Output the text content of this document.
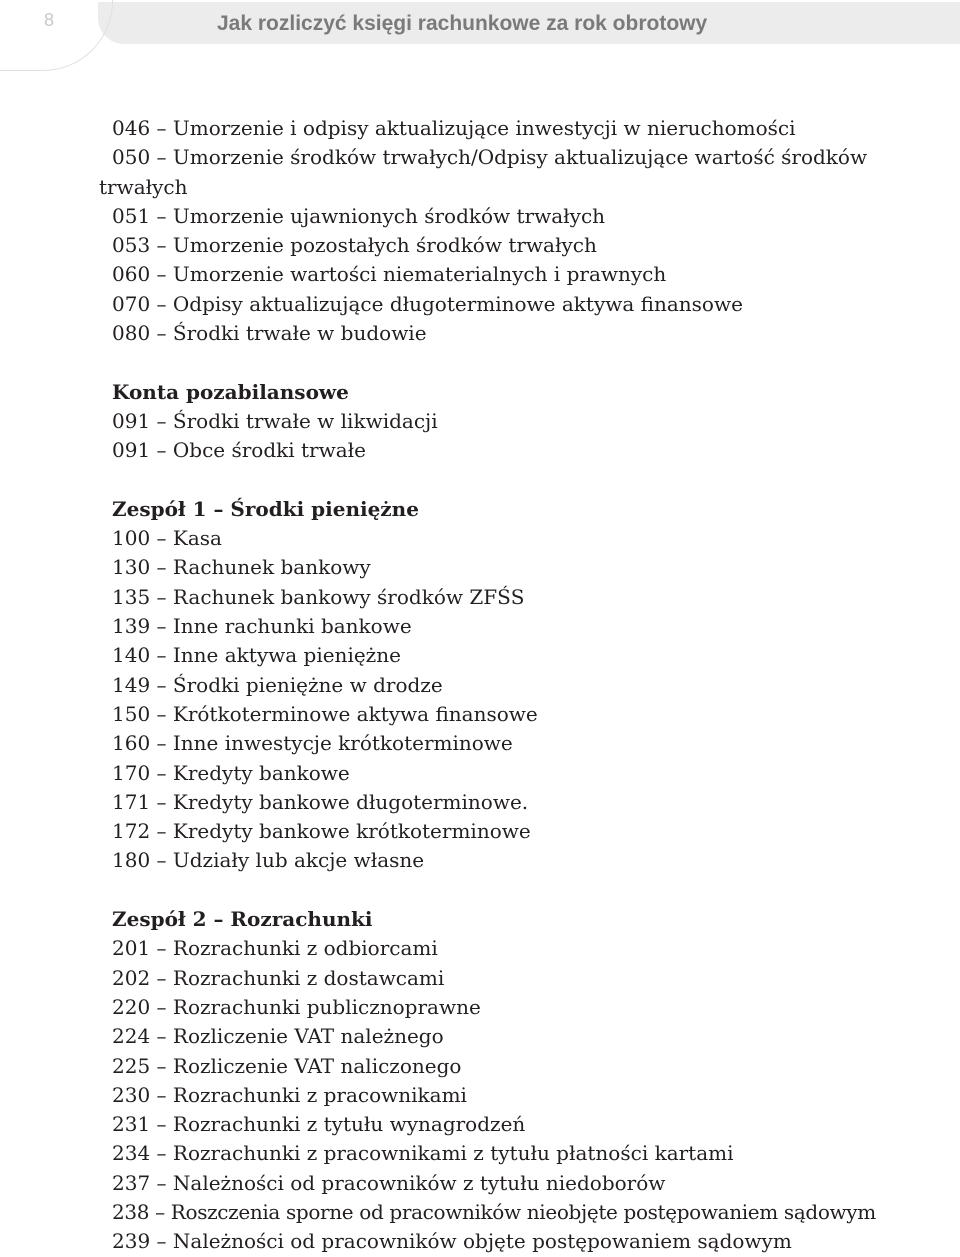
8	Jak rozliczyć księgi rachunkowe za rok obrotowy
046 – Umorzenie i odpisy aktualizujące inwestycji w nieruchomości
050 – Umorzenie środków trwałych/Odpisy aktualizujące wartość środków
trwałych
051 – Umorzenie ujawnionych środków trwałych
053 – Umorzenie pozostałych środków trwałych
060 – Umorzenie wartości niematerialnych i prawnych
070 – Odpisy aktualizujące długoterminowe aktywa finansowe
080 – Środki trwałe w budowie
Konta pozabilansowe
091 – Środki trwałe w likwidacji
091 – Obce środki trwałe
Zespół 1 – Środki pieniężne
100 – Kasa
130 – Rachunek bankowy
135 – Rachunek bankowy środków ZFŚS
139 – Inne rachunki bankowe
140 – Inne aktywa pieniężne
149 – Środki pieniężne w drodze
150 – Krótkoterminowe aktywa finansowe
160 – Inne inwestycje krótkoterminowe
170 – Kredyty bankowe
171 – Kredyty bankowe długoterminowe.
172 – Kredyty bankowe krótkoterminowe
180 – Udziały lub akcje własne
Zespół 2 – Rozrachunki
201 – Rozrachunki z odbiorcami
202 – Rozrachunki z dostawcami
220 – Rozrachunki publicznoprawne
224 – Rozliczenie VAT należnego
225 – Rozliczenie VAT naliczonego
230 – Rozrachunki z pracownikami
231 – Rozrachunki z tytułu wynagrodzeń
234 – Rozrachunki z pracownikami z tytułu płatności kartami
237 – Należności od pracowników z tytułu niedoborów
238 – Roszczenia sporne od pracowników nieobjęte postępowaniem sądowym
239 – Należności od pracowników objęte postępowaniem sądowym
